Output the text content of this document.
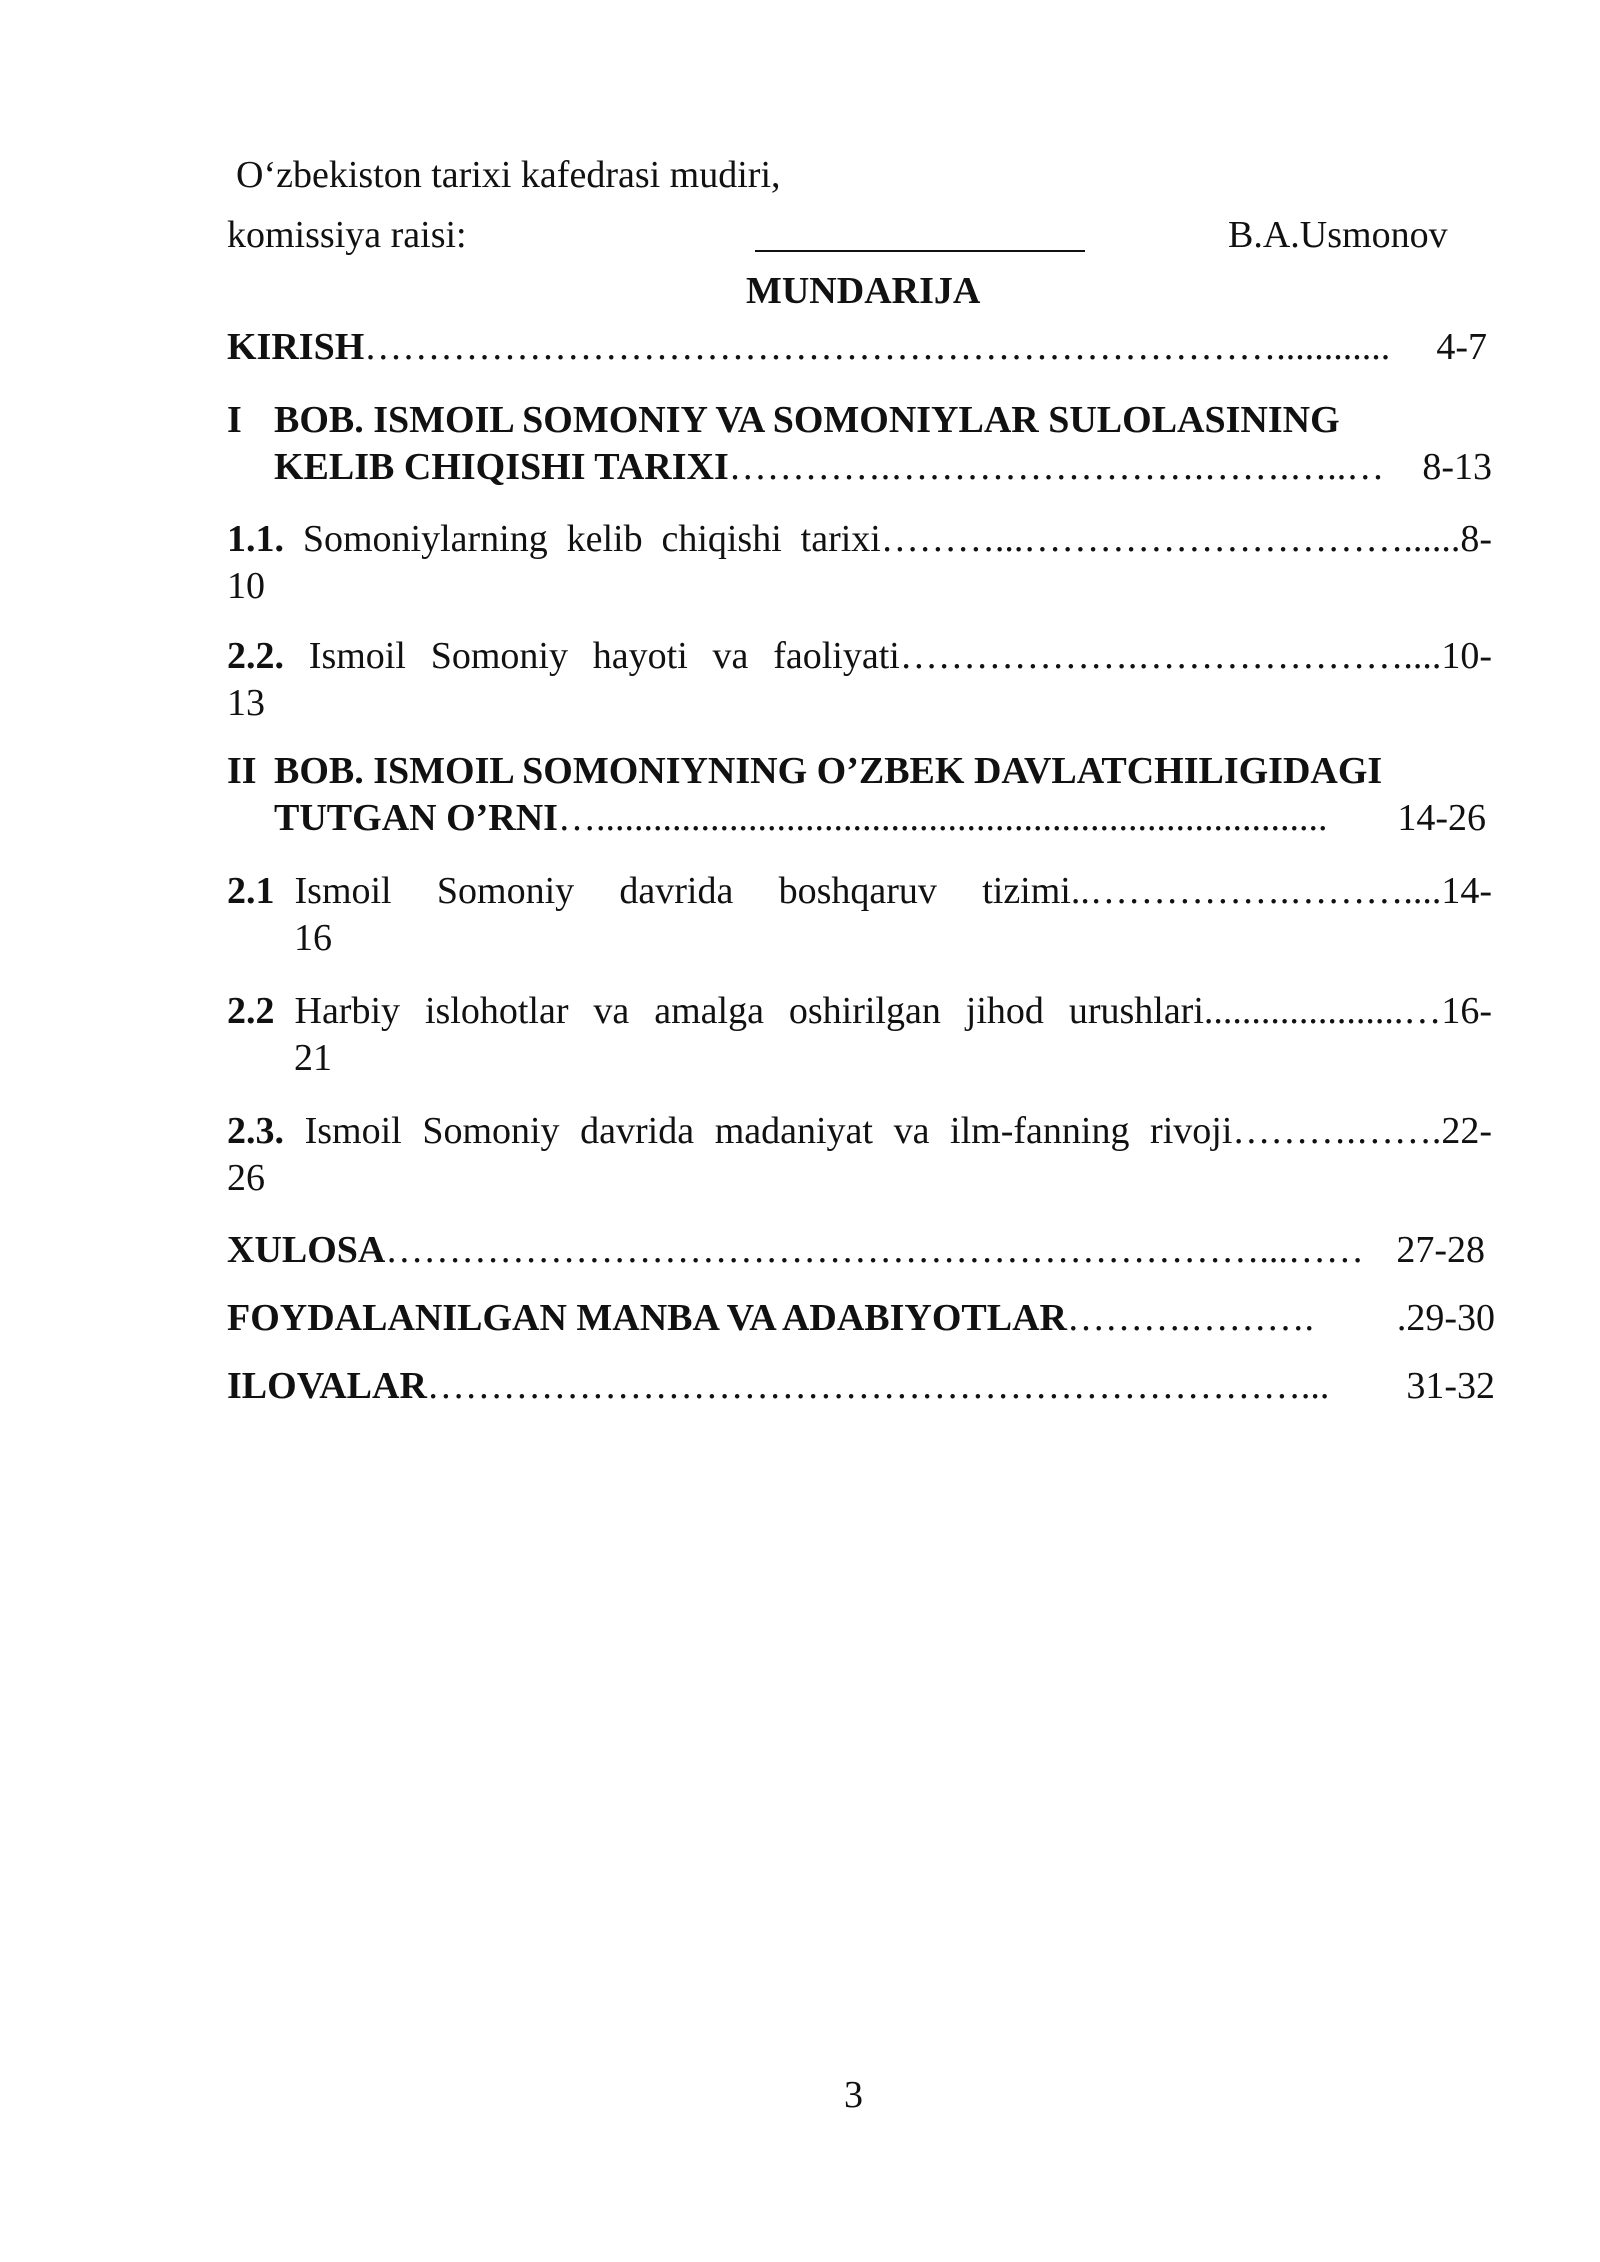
O‘zbekiston tarixi kafedrasi mudiri,
komissiya raisi:	B.A.Usmonov
MUNDARIJA
KIRISH ………………………………………………………………............ 4-7
I BOB. ISMOIL SOMONIY VA SOMONIYLAR SULOLASINING
KELIB CHIQISHI TARIXI ………….…………………….…….…..… 8-13
1.1. Somoniylarning kelib chiqishi tarixi ………...…………………………...... 8-
10
2.2. Ismoil Somoniy hayoti va faoliyati ……………….………………….... 10-
13
II BOB. ISMOIL SOMONIYNING O’ZBEK DAVLATCHILIGIDAGI
TUTGAN O’RNI …............................................................................. 14-26
2.1 Ismoil Somoniy davrida boshqaruv tizimi ..…………….……….... 14-
16
2.2 Harbiy islohotlar va amalga oshirilgan jihod urushlari .....................… 16-
21
2.3. Ismoil Somoniy davrida madaniyat va ilm-fanning rivoji ……….……. 22-
26
XULOSA ……………………………………………………………...…… 27-28
FOYDALANILGAN MANBA VA ADABIYOTLAR ……….………. .29-30
ILOVALAR ……………………………………………………………... 31-32
3
